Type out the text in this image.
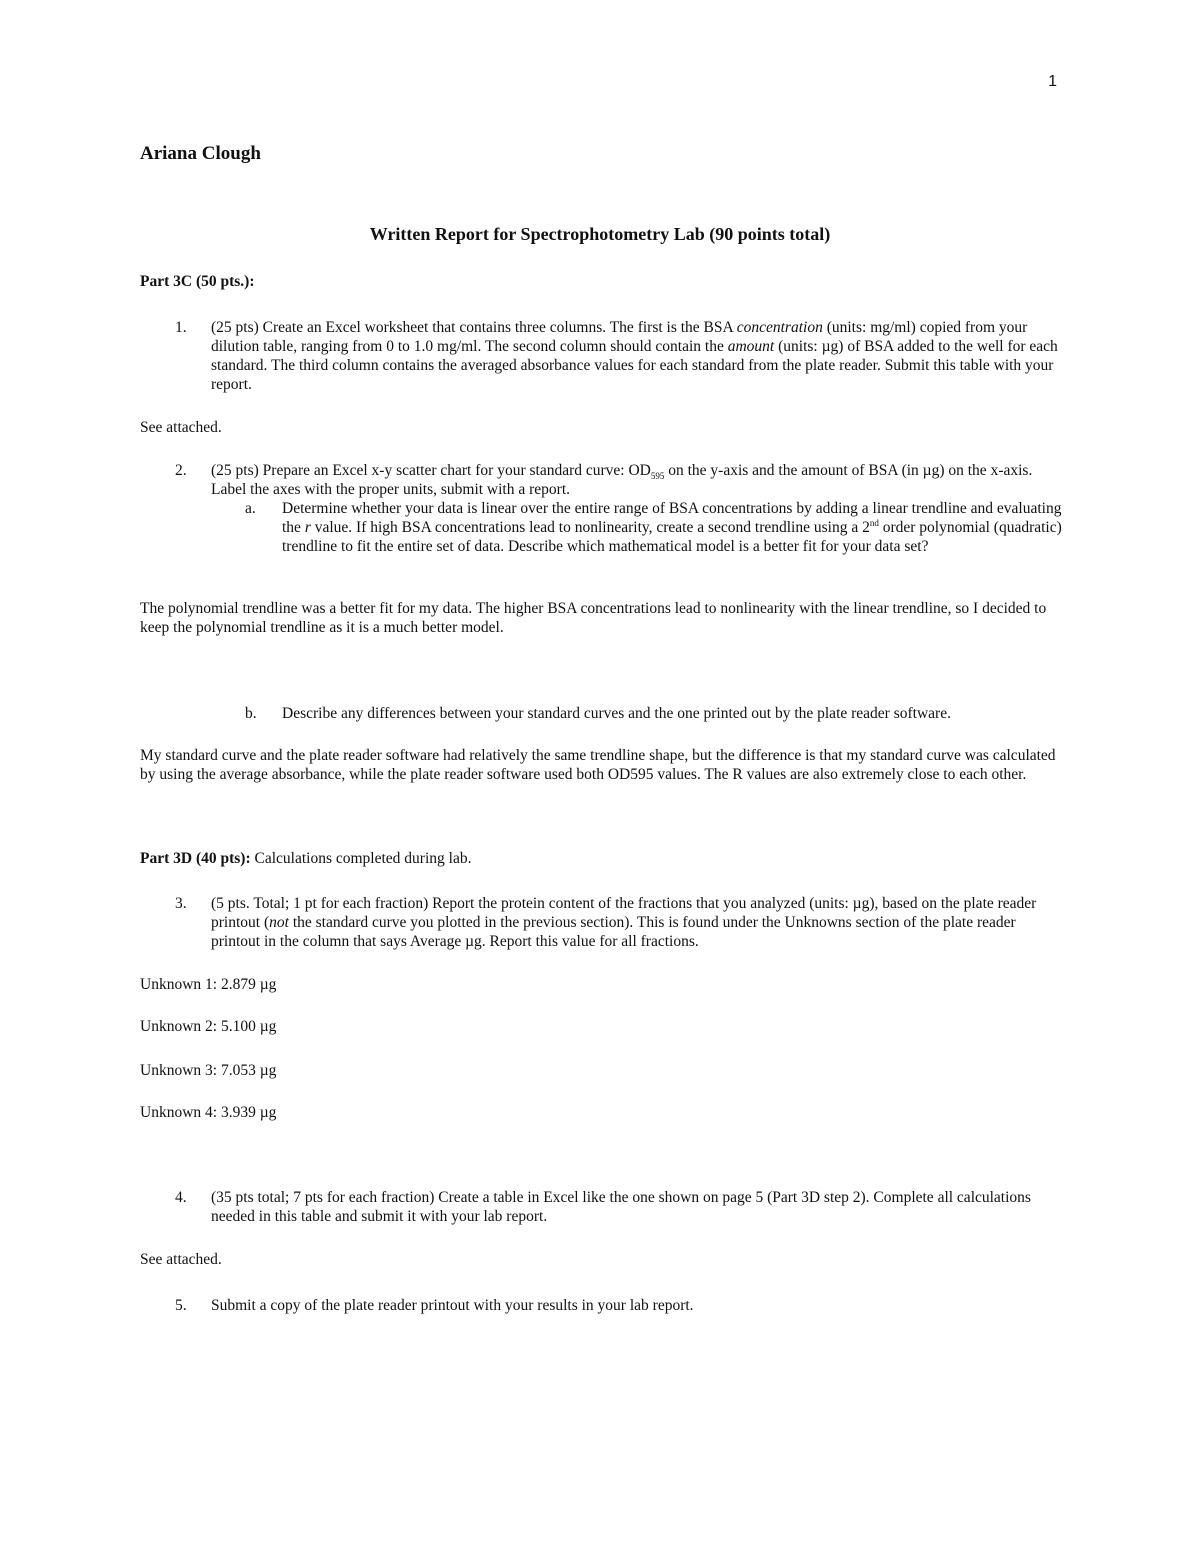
1
Ariana Clough
Written Report for Spectrophotometry Lab (90 points total)
Part 3C (50 pts.):
1.	(25 pts) Create an Excel worksheet that contains three columns. The first is the BSA concentration (units: mg/ml) copied from your dilution table, ranging from 0 to 1.0 mg/ml. The second column should contain the amount (units: µg) of BSA added to the well for each standard. The third column contains the averaged absorbance values for each standard from the plate reader. Submit this table with your report.
See attached.
2.	(25 pts) Prepare an Excel x-y scatter chart for your standard curve: $OD_{595}$ on the y-axis and the amount of BSA (in µg) on the x-axis. Label the axes with the proper units, submit with a report.
a.	Determine whether your data is linear over the entire range of BSA concentrations by adding a linear trendline and evaluating the r value. If high BSA concentrations lead to nonlinearity, create a second trendline using a 2nd order polynomial (quadratic) trendline to fit the entire set of data. Describe which mathematical model is a better fit for your data set?
The polynomial trendline was a better fit for my data. The higher BSA concentrations lead to nonlinearity with the linear trendline, so I decided to keep the polynomial trendline as it is a much better model.
b.	Describe any differences between your standard curves and the one printed out by the plate reader software.
My standard curve and the plate reader software had relatively the same trendline shape, but the difference is that my standard curve was calculated by using the average absorbance, while the plate reader software used both OD595 values. The R values are also extremely close to each other.
Part 3D (40 pts): Calculations completed during lab.
3.	(5 pts. Total; 1 pt for each fraction) Report the protein content of the fractions that you analyzed (units: µg), based on the plate reader printout (not the standard curve you plotted in the previous section). This is found under the Unknowns section of the plate reader printout in the column that says Average µg. Report this value for all fractions.
Unknown 1: 2.879 µg
Unknown 2: 5.100 µg
Unknown 3: 7.053 µg
Unknown 4: 3.939 µg
4.	(35 pts total; 7 pts for each fraction) Create a table in Excel like the one shown on page 5 (Part 3D step 2). Complete all calculations needed in this table and submit it with your lab report.
See attached.
5.	Submit a copy of the plate reader printout with your results in your lab report.
